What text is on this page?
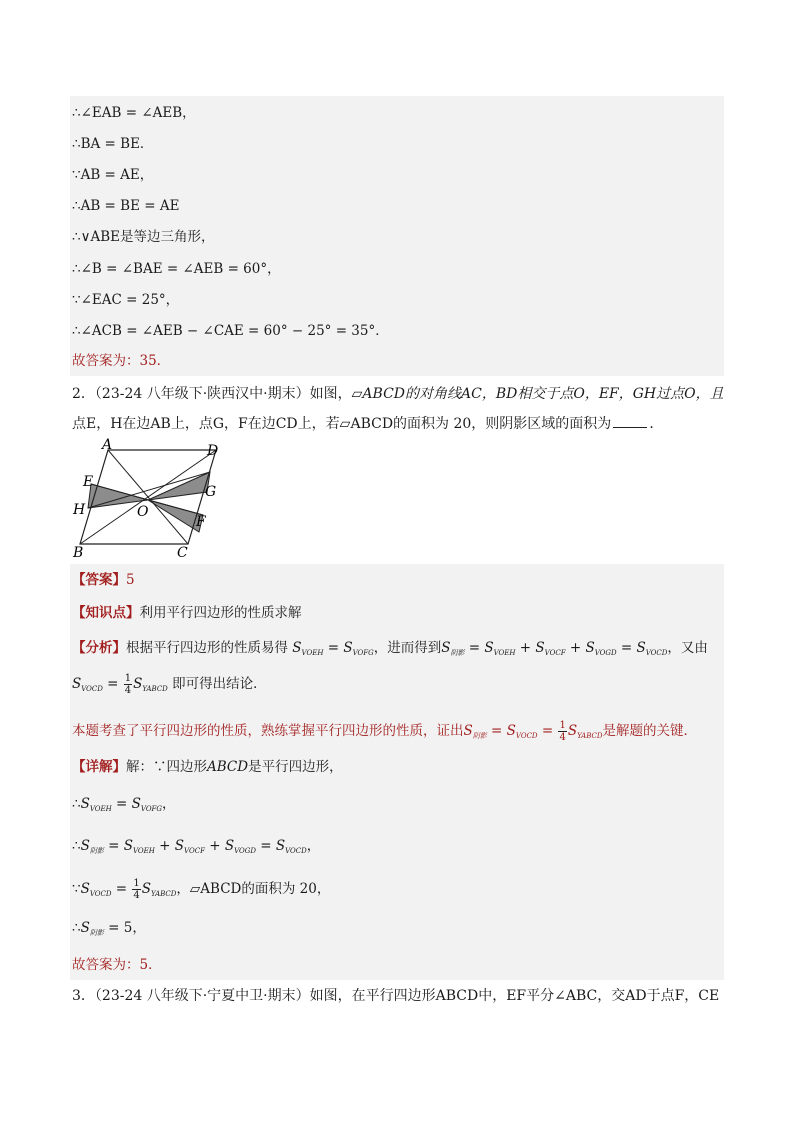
∴∠EAB = ∠AEB，
∴BA = BE．
∵AB = AE，
∴AB = BE = AE
∴∨ABE是等边三角形，
∴∠B = ∠BAE = ∠AEB = 60°，
∵∠EAC = 25°，
∴∠ACB = ∠AEB − ∠CAE = 60° − 25° = 35°．
故答案为：35．
2．（23-24 八年级下·陕西汉中·期末）如图，▱ABCD的对角线AC，BD相交于点O，EF，GH过点O，且
点E，H在边AB上，点G，F在边CD上，若▱ABCD的面积为 20，则阴影区域的面积为	．
A	D
E
G
O
H
F
B	C
【答案】5
【知识点】利用平行四边形的性质求解
【分析】根据平行四边形的性质易得 $S_{VOEH} = S_{VOFG}$，进而得到$S_{阴影} = S_{VOEH} + S_{VOCF} + S_{VOGD} = S_{VOCD}$，又由
$S_{VOCD} = \frac{1}{4} S_{YABCD}$ 即可得出结论．
本题考查了平行四边形的性质，熟练掌握平行四边形的性质，证出$S_{阴影} = S_{VOCD} = \frac{1}{4} S_{YABCD}$是解题的关键．
【详解】解：∵四边形ABCD是平行四边形，
$\therefore S_{VOEH} = S_{VOFG}$，
$\therefore S_{阴影} = S_{VOEH} + S_{VOCF} + S_{VOGD} = S_{VOCD}$，
$\because S_{VOCD} = \frac{1}{4} S_{YABCD}$，▱ABCD的面积为 20，
$\therefore S_{阴影} = 5$，
故答案为：5．
3．（23-24 八年级下·宁夏中卫·期末）如图，在平行四边形ABCD中，EF平分∠ABC，交AD于点F，CE
